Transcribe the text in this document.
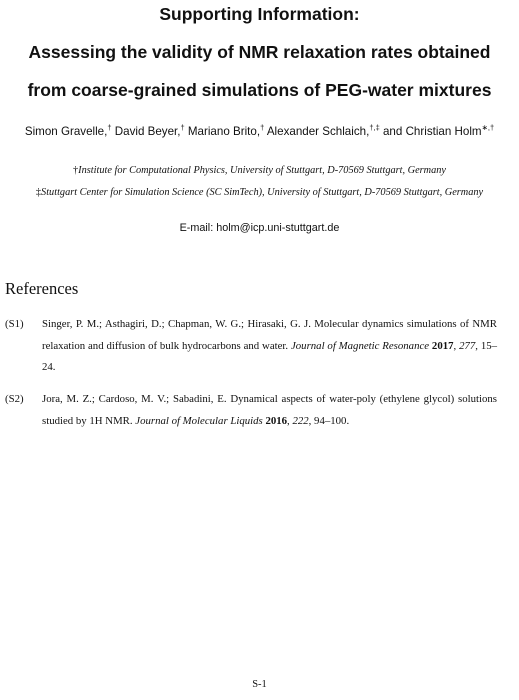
Supporting Information:
Assessing the validity of NMR relaxation rates obtained
from coarse-grained simulations of PEG-water mixtures
Simon Gravelle,† David Beyer,† Mariano Brito,† Alexander Schlaich,†,‡ and Christian Holm∗,†
†Institute for Computational Physics, University of Stuttgart, D-70569 Stuttgart, Germany
‡Stuttgart Center for Simulation Science (SC SimTech), University of Stuttgart, D-70569 Stuttgart, Germany
E-mail: holm@icp.uni-stuttgart.de
References
(S1) Singer, P. M.; Asthagiri, D.; Chapman, W. G.; Hirasaki, G. J. Molecular dynamics simulations of NMR relaxation and diffusion of bulk hydrocarbons and water. Journal of Magnetic Resonance 2017, 277, 15–24.
(S2) Jora, M. Z.; Cardoso, M. V.; Sabadini, E. Dynamical aspects of water-poly (ethylene glycol) solutions studied by 1H NMR. Journal of Molecular Liquids 2016, 222, 94–100.
S-1
